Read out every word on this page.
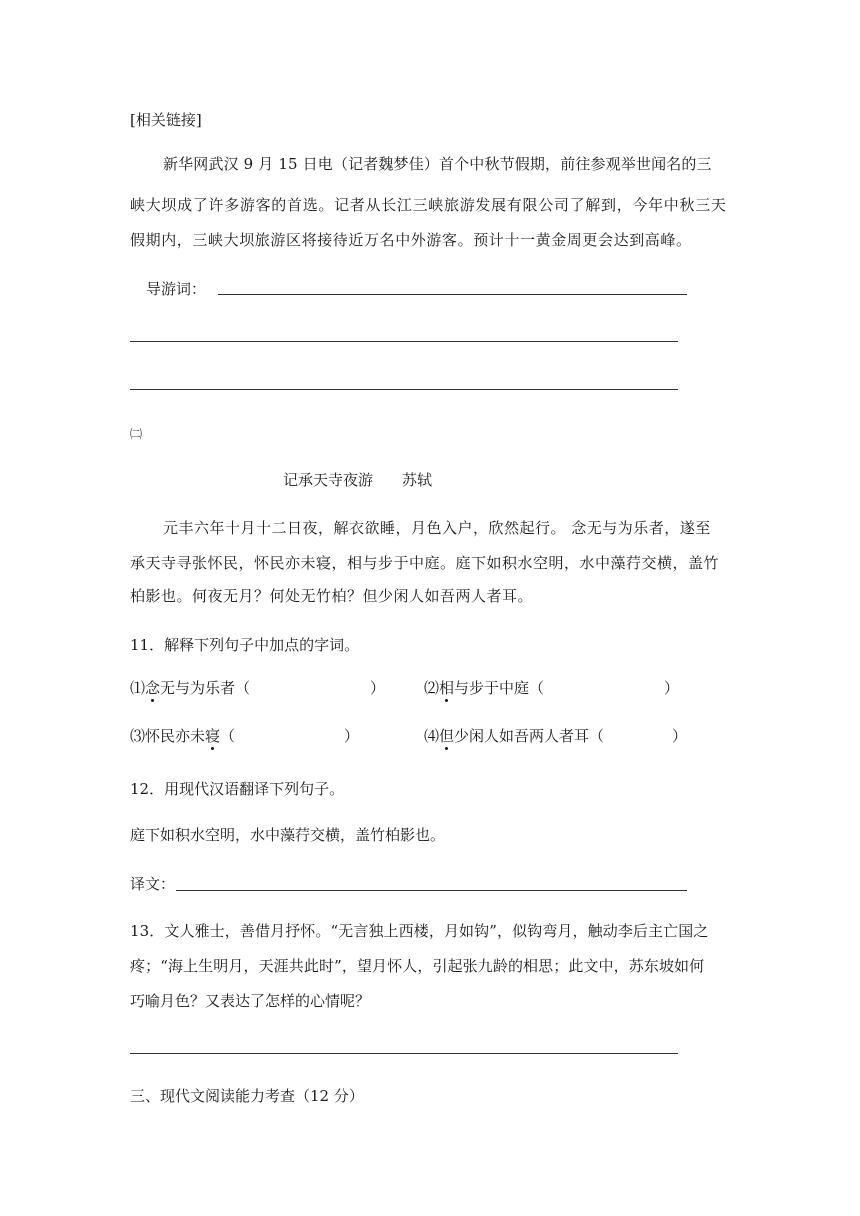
[相关链接]
新华网武汉 9 月 15 日电（记者魏梦佳）首个中秋节假期，前往参观举世闻名的三
峡大坝成了许多游客的首选。记者从长江三峡旅游发展有限公司了解到，今年中秋三天
假期内，三峡大坝旅游区将接待近万名中外游客。预计十一黄金周更会达到高峰。
导游词：
㈡
记承天寺夜游 苏轼
元丰六年十月十二日夜，解衣欲睡，月色入户，欣然起行。 念无与为乐者，遂至
承天寺寻张怀民，怀民亦未寝，相与步于中庭。庭下如积水空明，水中藻荇交横，盖竹
柏影也。何夜无月？何处无竹柏？但少闲人如吾两人者耳。
11．解释下列句子中加点的字词。
⑴念无与为乐者（	）	⑵相与步于中庭（	）
⑶怀民亦未寝（	）	⑷但少闲人如吾两人者耳（	）
12．用现代汉语翻译下列句子。
庭下如积水空明，水中藻荇交横，盖竹柏影也。
译文：
13．文人雅士，善借月抒怀。“无言独上西楼，月如钩”，似钩弯月，触动李后主亡国之
疼；“海上生明月，天涯共此时”，望月怀人，引起张九龄的相思；此文中，苏东坡如何
巧喻月色？又表达了怎样的心情呢？
三、现代文阅读能力考查（12 分）
